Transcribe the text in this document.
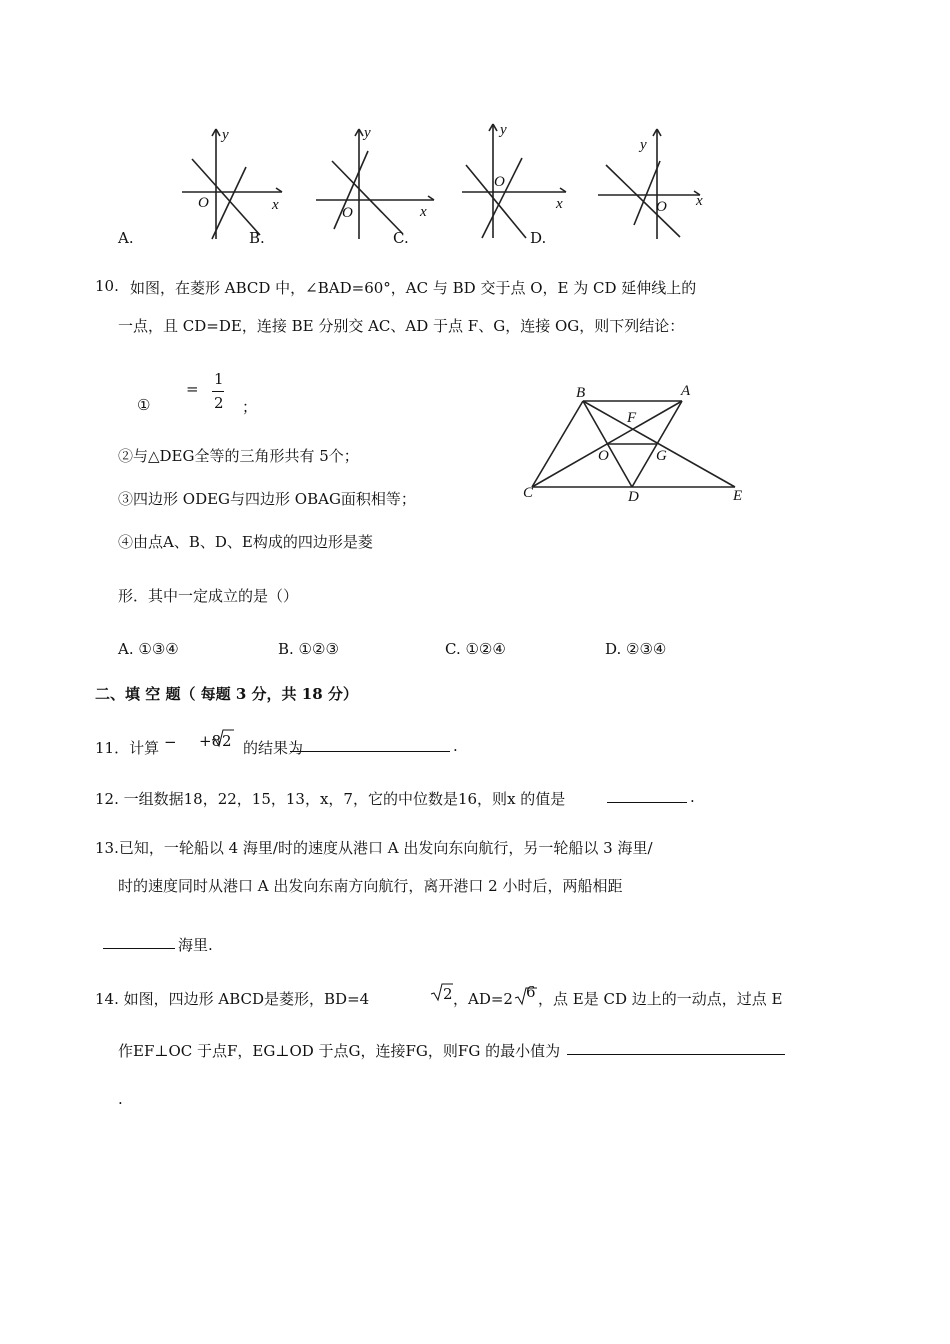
A.
O
y
x
B.
O
y
x
C.
O
y
x
D.
O
y
x
10. 如图，在菱形 ABCD 中，∠BAD=60°，AC 与 BD 交于点 O，E 为 CD 延伸线上的
一点，且 CD=DE，连接 BE 分别交 AC、AD 于点 F、G，连接 OG，则下列结论：
①
=
1
2 ；
②与△DEG全等的三角形共有 5个；
③四边形 ODEG与四边形 OBAG面积相等；
④由点A、B、D、E构成的四边形是菱
形．其中一定成立的是（）
B	A
F
O	G
C	D	E
A. ①③④	B. ①②③	C. ①②④	D. ②③④
二、填 空 题（ 每题 3 分，共 18 分）
11．计算 − +8 2 的结果为	.
12. 一组数据18，22，15，13，x，7，它的中位数是16，则x 的值是	.
13.已知，一轮船以 4 海里/时的速度从港口 A 出发向东向航行，另一轮船以 3 海里/
时的速度同时从港口 A 出发向东南方向航行，离开港口 2 小时后，两船相距
海里.
14. 如图，四边形 ABCD是菱形，BD=4	2 ，AD=2 6 ，点 E是 CD 边上的一动点，过点 E
作EF⊥OC 于点F，EG⊥OD 于点G，连接FG，则FG 的最小值为
.
